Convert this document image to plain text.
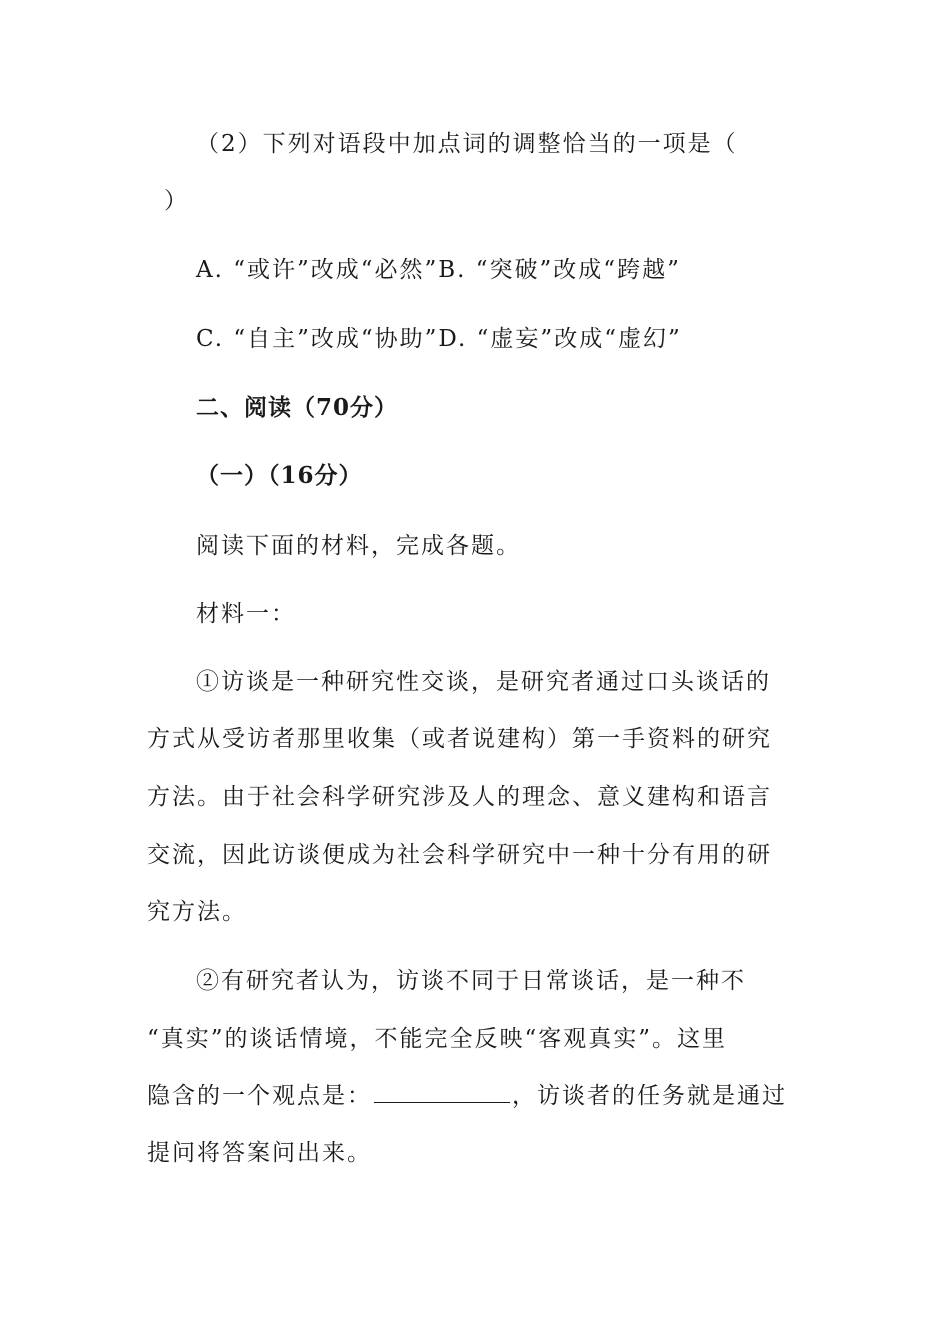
（2）下列对语段中加点词的调整恰当的一项是（
）
A. “或许”改成“必然”B. “突破”改成“跨越”
C. “自主”改成“协助”D. “虚妄”改成“虚幻”
二、阅读（70分）
（一）（16分）
阅读下面的材料，完成各题。
材料一：
①访谈是一种研究性交谈，是研究者通过口头谈话的
方式从受访者那里收集（或者说建构）第一手资料的研究
方法。由于社会科学研究涉及人的理念、意义建构和语言
交流，因此访谈便成为社会科学研究中一种十分有用的研
究方法。
②有研究者认为，访谈不同于日常谈话，是一种不
“真实”的谈话情境，不能完全反映“客观真实”。这里
隐含的一个观点是：	，访谈者的任务就是通过
提问将答案问出来。
